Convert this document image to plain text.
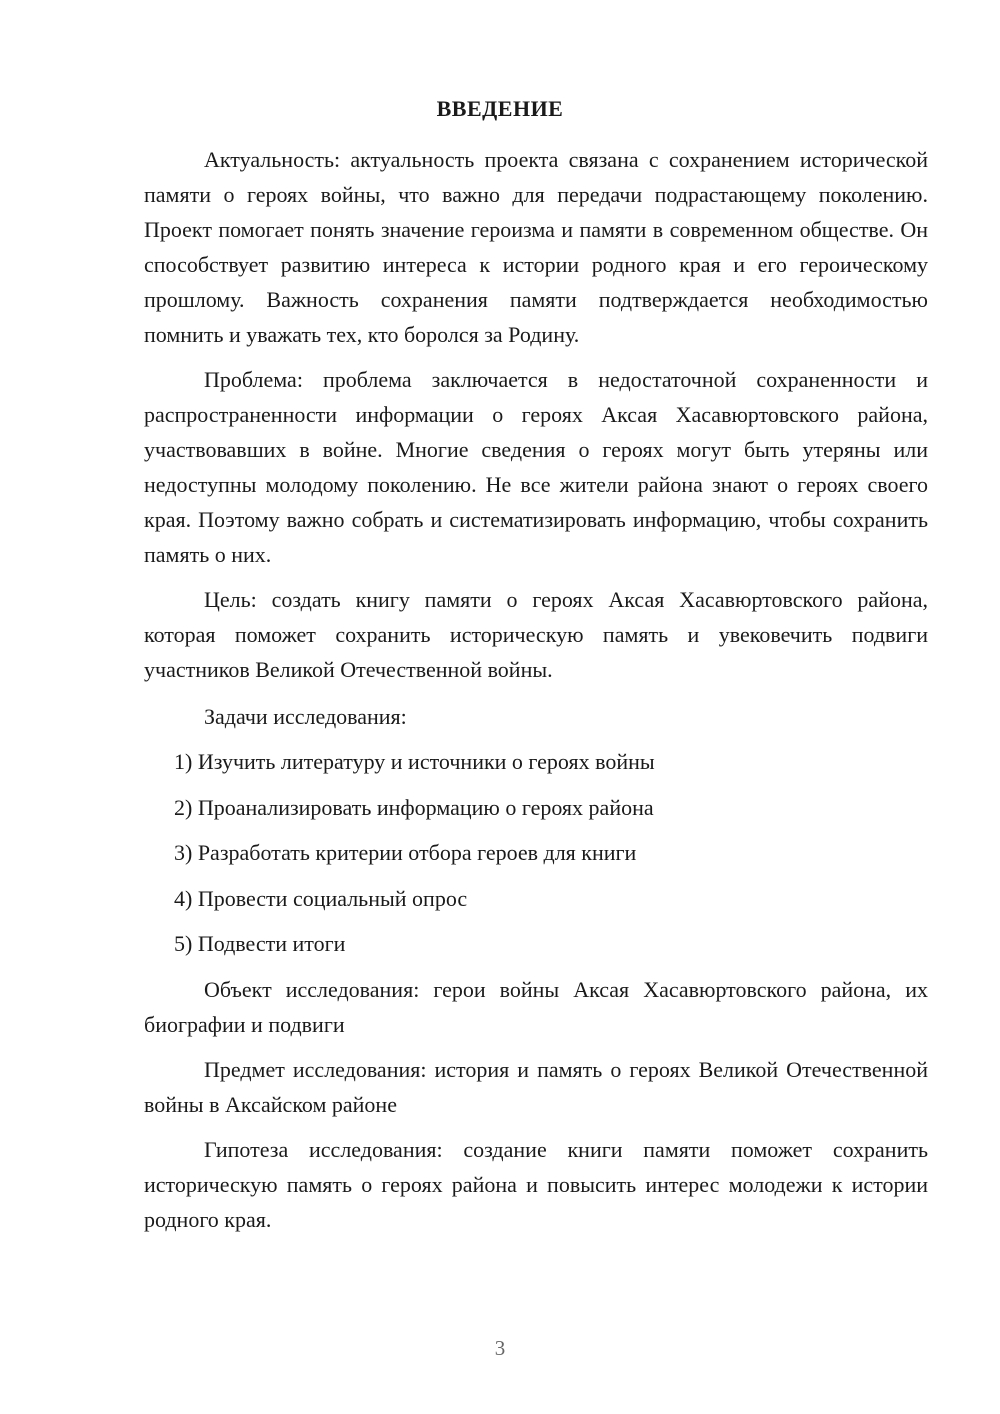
ВВЕДЕНИЕ

Актуальность: актуальность проекта связана с сохранением исторической памяти о героях войны, что важно для передачи подрастающему поколению. Проект помогает понять значение героизма и памяти в современном обществе. Он способствует развитию интереса к истории родного края и его героическому прошлому. Важность сохранения памяти подтверждается необходимостью помнить и уважать тех, кто боролся за Родину.

Проблема: проблема заключается в недостаточной сохраненности и распространенности информации о героях Аксая Хасавюртовского района, участвовавших в войне. Многие сведения о героях могут быть утеряны или недоступны молодому поколению. Не все жители района знают о героях своего края. Поэтому важно собрать и систематизировать информацию, чтобы сохранить память о них.

Цель: создать книгу памяти о героях Аксая Хасавюртовского района, которая поможет сохранить историческую память и увековечить подвиги участников Великой Отечественной войны.

Задачи исследования:

1) Изучить литературу и источники о героях войны

2) Проанализировать информацию о героях района

3) Разработать критерии отбора героев для книги

4) Провести социальный опрос

5) Подвести итоги

Объект исследования: герои войны Аксая Хасавюртовского района, их биографии и подвиги

Предмет исследования: история и память о героях Великой Отечественной войны в Аксайском районе

Гипотеза исследования: создание книги памяти поможет сохранить историческую память о героях района и повысить интерес молодежи к истории родного края.

3
